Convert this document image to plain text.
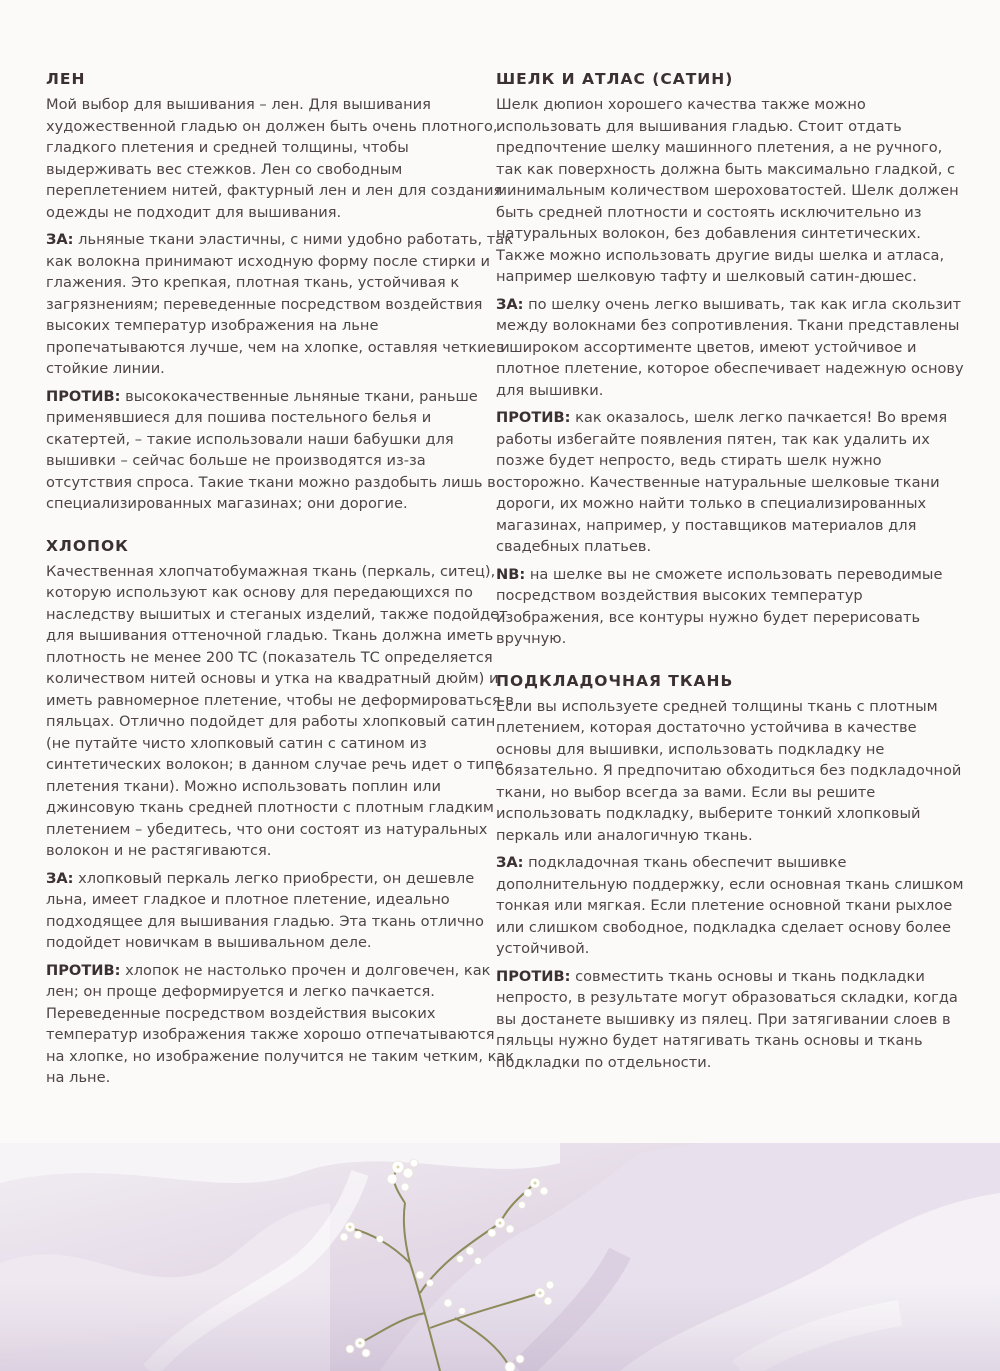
ЛЕН

Мой выбор для вышивания – лен. Для вышивания художественной гладью он должен быть очень плотного, гладкого плетения и средней толщины, чтобы выдерживать вес стежков. Лен со свободным переплетением нитей, фактурный лен и лен для создания одежды не подходит для вышивания.

ЗА: льняные ткани эластичны, с ними удобно работать, так как волокна принимают исходную форму после стирки и глажения. Это крепкая, плотная ткань, устойчивая к загрязнениям; переведенные посредством воздействия высоких температур изображения на льне пропечатываются лучше, чем на хлопке, оставляя четкие и стойкие линии.

ПРОТИВ: высококачественные льняные ткани, раньше применявшиеся для пошива постельного белья и скатертей, – такие использовали наши бабушки для вышивки – сейчас больше не производятся из-за отсутствия спроса. Такие ткани можно раздобыть лишь в специализированных магазинах; они дорогие.

ХЛОПОК

Качественная хлопчатобумажная ткань (перкаль, ситец), которую используют как основу для передающихся по наследству вышитых и стеганых изделий, также подойдет для вышивания оттеночной гладью. Ткань должна иметь плотность не менее 200 ТС (показатель ТС определяется количеством нитей основы и утка на квадратный дюйм) и иметь равномерное плетение, чтобы не деформироваться в пяльцах. Отлично подойдет для работы хлопковый сатин (не путайте чисто хлопковый сатин с сатином из синтетических волокон; в данном случае речь идет о типе плетения ткани). Можно использовать поплин или джинсовую ткань средней плотности с плотным гладким плетением – убедитесь, что они состоят из натуральных волокон и не растягиваются.

ЗА: хлопковый перкаль легко приобрести, он дешевле льна, имеет гладкое и плотное плетение, идеально подходящее для вышивания гладью. Эта ткань отлично подойдет новичкам в вышивальном деле.

ПРОТИВ: хлопок не настолько прочен и долговечен, как лен; он проще деформируется и легко пачкается. Переведенные посредством воздействия высоких температур изображения также хорошо отпечатываются на хлопке, но изображение получится не таким четким, как на льне.

ШЕЛК И АТЛАС (САТИН)

Шелк дюпион хорошего качества также можно использовать для вышивания гладью. Стоит отдать предпочтение шелку машинного плетения, а не ручного, так как поверхность должна быть максимально гладкой, с минимальным количеством шероховатостей. Шелк должен быть средней плотности и состоять исключительно из натуральных волокон, без добавления синтетических. Также можно использовать другие виды шелка и атласа, например шелковую тафту и шелковый сатин-дюшес.

ЗА: по шелку очень легко вышивать, так как игла скользит между волокнами без сопротивления. Ткани представлены в широком ассортименте цветов, имеют устойчивое и плотное плетение, которое обеспечивает надежную основу для вышивки.

ПРОТИВ: как оказалось, шелк легко пачкается! Во время работы избегайте появления пятен, так как удалить их позже будет непросто, ведь стирать шелк нужно осторожно. Качественные натуральные шелковые ткани дороги, их можно найти только в специализированных магазинах, например, у поставщиков материалов для свадебных платьев.

NB: на шелке вы не сможете использовать переводимые посредством воздействия высоких температур изображения, все контуры нужно будет перерисовать вручную.

ПОДКЛАДОЧНАЯ ТКАНЬ

Если вы используете средней толщины ткань с плотным плетением, которая достаточно устойчива в качестве основы для вышивки, использовать подкладку не обязательно. Я предпочитаю обходиться без подкладочной ткани, но выбор всегда за вами. Если вы решите использовать подкладку, выберите тонкий хлопковый перкаль или аналогичную ткань.

ЗА: подкладочная ткань обеспечит вышивке дополнительную поддержку, если основная ткань слишком тонкая или мягкая. Если плетение основной ткани рыхлое или слишком свободное, подкладка сделает основу более устойчивой.

ПРОТИВ: совместить ткань основы и ткань подкладки непросто, в результате могут образоваться складки, когда вы достанете вышивку из пялец. При затягивании слоев в пяльцы нужно будет натягивать ткань основы и ткань подкладки по отдельности.
